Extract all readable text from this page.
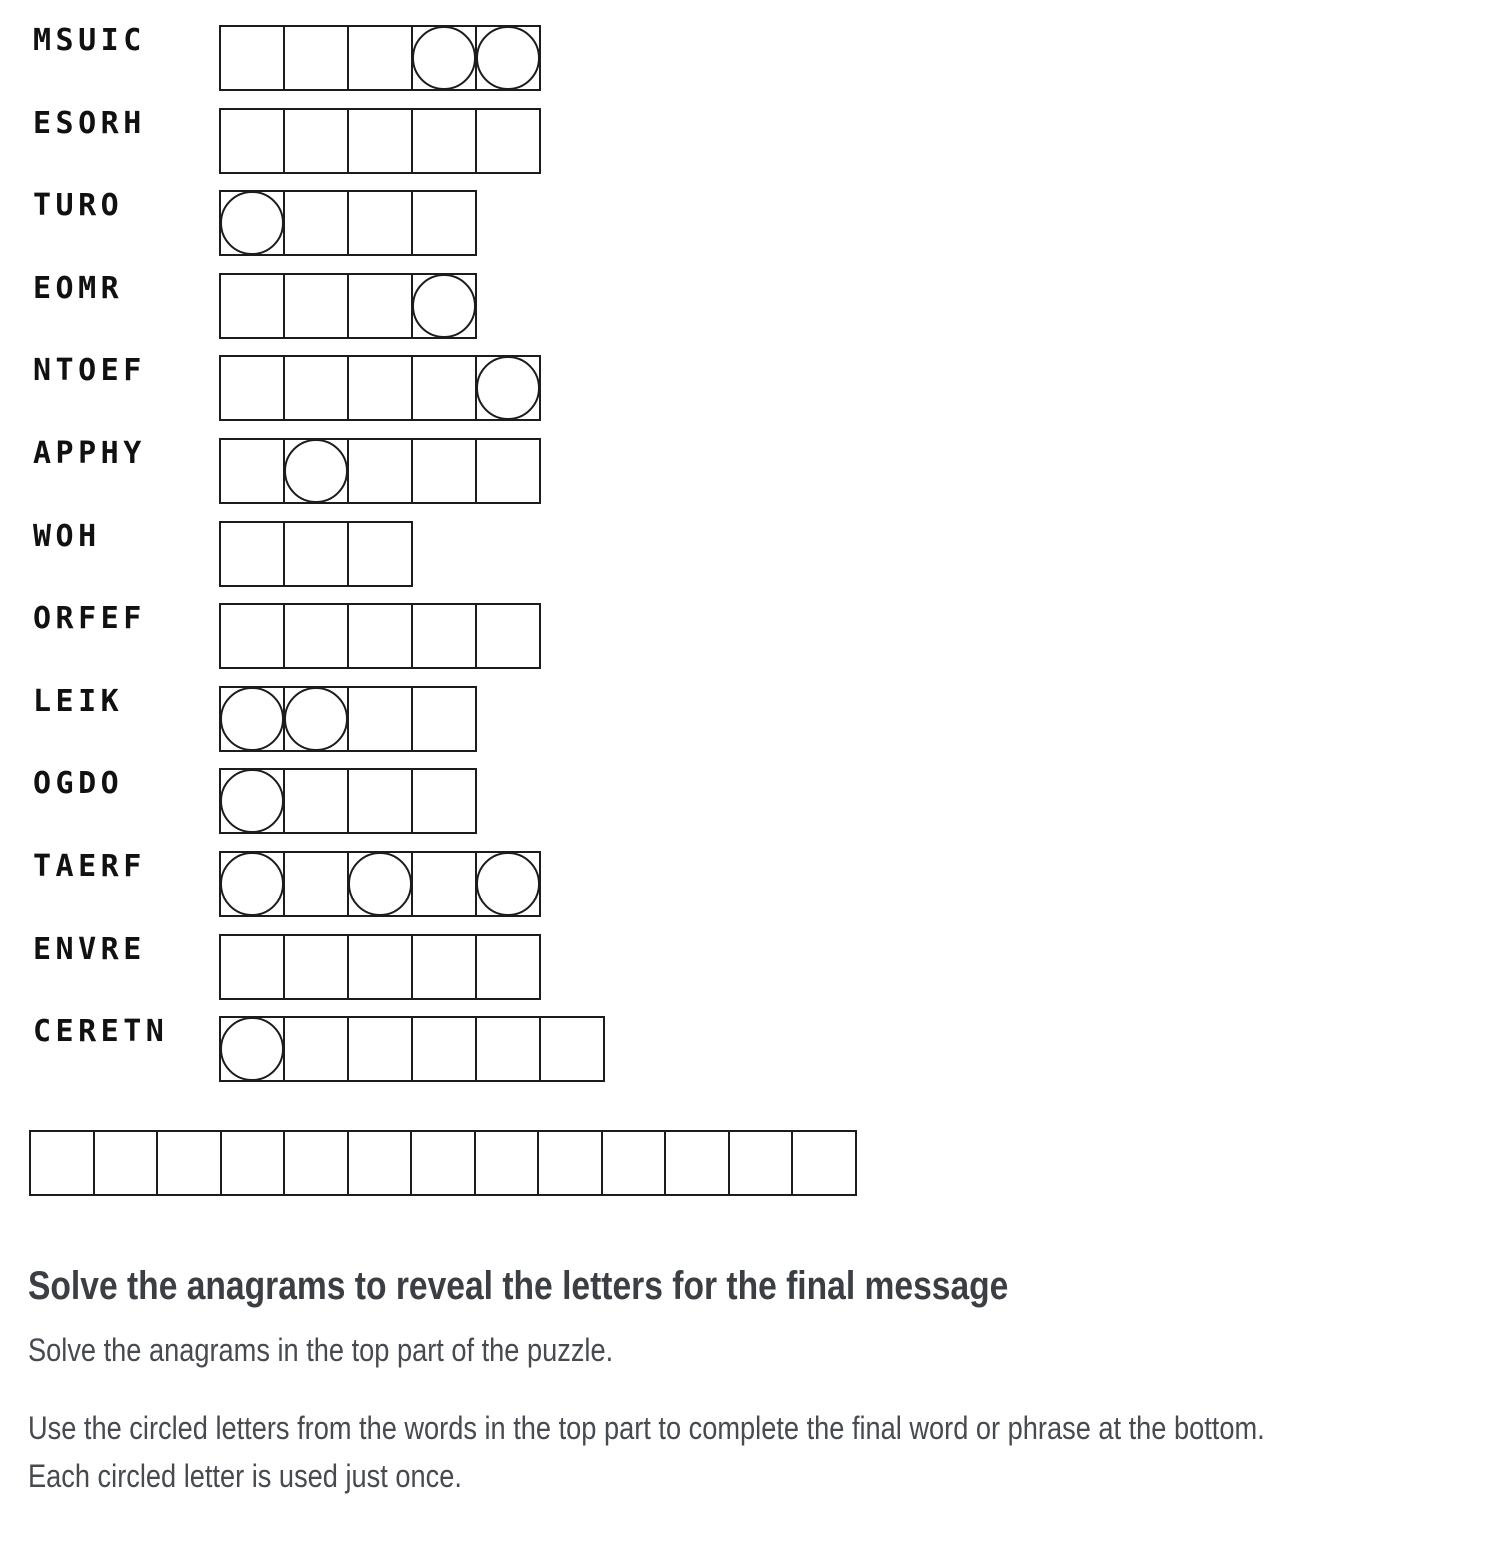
MSUIC
ESORH
TURO
EOMR
NTOEF
APPHY
WOH
ORFEF
LEIK
OGDO
TAERF
ENVRE
CERETN
Solve the anagrams to reveal the letters for the final message

Solve the anagrams in the top part of the puzzle.

Use the circled letters from the words in the top part to complete the final word or phrase at the bottom.
Each circled letter is used just once.
